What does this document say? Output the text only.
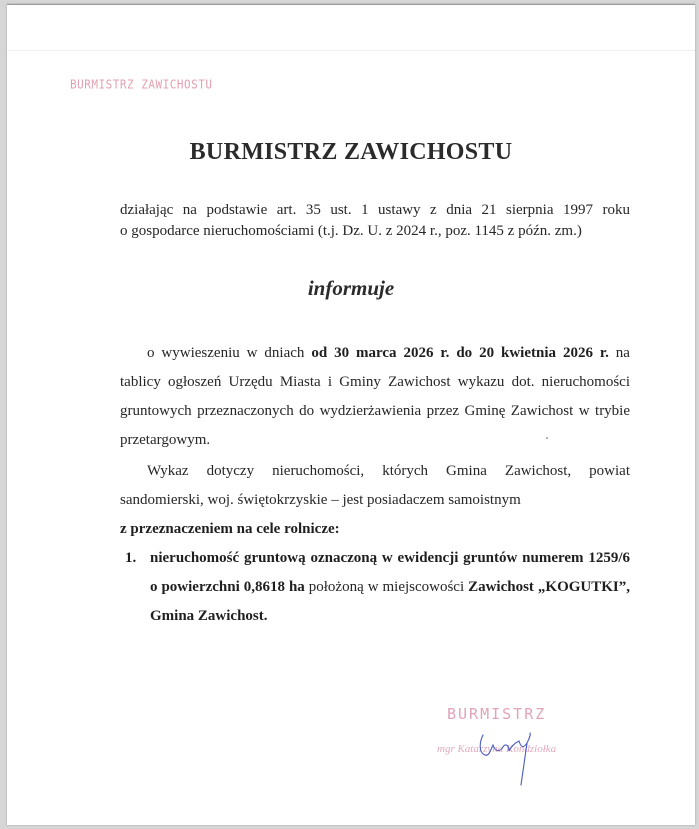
BURMISTRZ ZAWICHOSTU
BURMISTRZ ZAWICHOSTU
działając na podstawie art. 35 ust. 1 ustawy z dnia 21 sierpnia 1997 roku
o gospodarce nieruchomościami (t.j. Dz. U. z 2024 r., poz. 1145 z późn. zm.)
informuje

o wywieszeniu w dniach od 30 marca 2026 r. do 20 kwietnia 2026 r. na tablicy ogłoszeń Urzędu Miasta i Gminy Zawichost wykazu dot. nieruchomości gruntowych przeznaczonych do wydzierżawienia przez Gminę Zawichost w trybie przetargowym.

Wykaz dotyczy nieruchomości, których Gmina Zawichost, powiat sandomierski, woj. świętokrzyskie – jest posiadaczem samoistnym
z przeznaczeniem na cele rolnicze:

1. nieruchomość gruntową oznaczoną w ewidencji gruntów numerem 1259/6 o powierzchni 0,8618 ha położoną w miejscowości Zawichost „KOGUTKI”, Gmina Zawichost.
BURMISTRZ
mgr Katarzyna Kondziołka
